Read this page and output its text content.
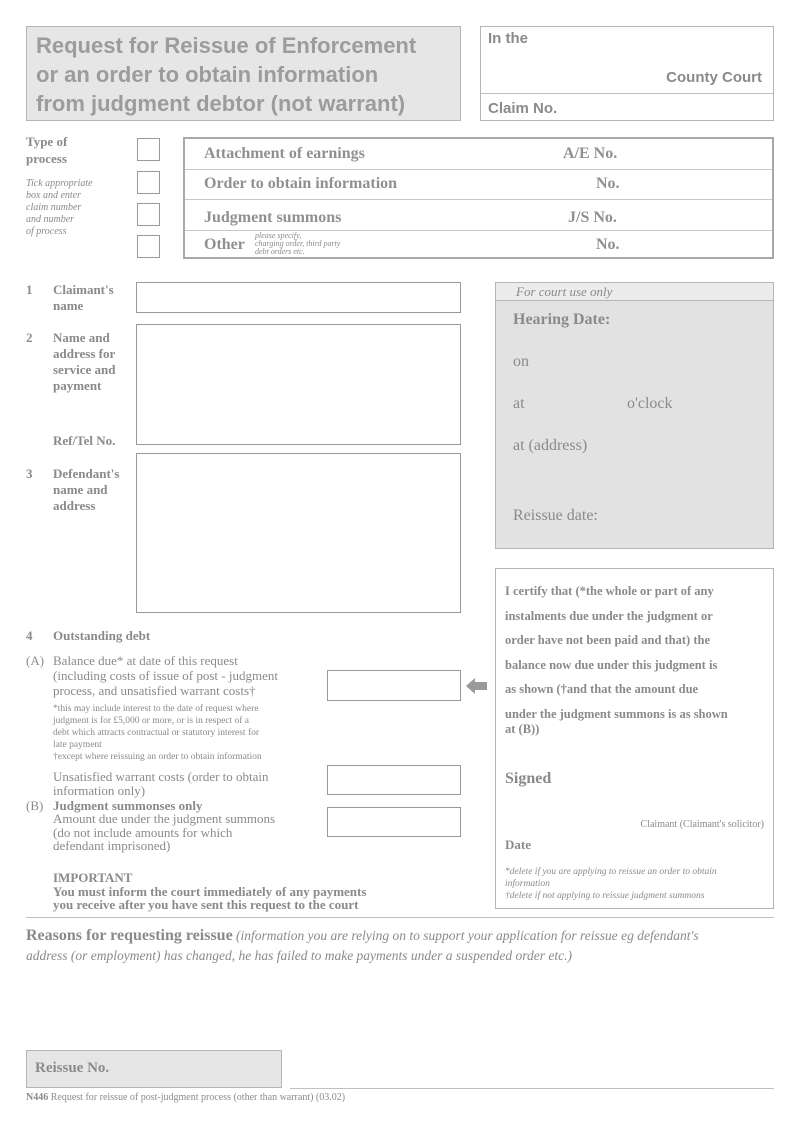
Request for Reissue of Enforcement
or an order to obtain information
from judgment debtor (not warrant)
In the
County Court
Claim No.
Type of
process
Tick appropriate
box and enter
claim number
and number
of process
Attachment of earnings	A/E No.
Order to obtain information	No.
Judgment summons	J/S No.
Other
please specify,
charging order, third party
debt orders etc.	No.
1 Claimant's
name
2 Name and
address for
service and
payment
Ref/Tel No.
3 Defendant's
name and
address
4 Outstanding debt
(A) Balance due* at date of this request
(including costs of issue of post - judgment
process, and unsatisfied warrant costs†
*this may include interest to the date of request where
judgment is for £5,000 or more, or is in respect of a
debt which attracts contractual or statutory interest for
late payment
†except where reissuing an order to obtain information
Unsatisfied warrant costs (order to obtain
information only)
(B) Judgment summonses only
Amount due under the judgment summons
(do not include amounts for which
defendant imprisoned)
IMPORTANT
You must inform the court immediately of any payments
you receive after you have sent this request to the court
For court use only
Hearing Date:
on
at	o'clock
at (address)
Reissue date:
I certify that (*the whole or part of any
instalments due under the judgment or
order have not been paid and that) the
balance now due under this judgment is
as shown (†and that the amount due
under the judgment summons is as shown
at (B))
Signed
Claimant (Claimant's solicitor)
Date
*delete if you are applying to reissue an order to obtain
information
†delete if not applying to reissue judgment summons
Reasons for requesting reissue (information you are relying on to support your application for reissue eg defendant's
address (or employment) has changed, he has failed to make payments under a suspended order etc.)
Reissue No.
N446 Request for reissue of post-judgment process (other than warrant) (03.02)
